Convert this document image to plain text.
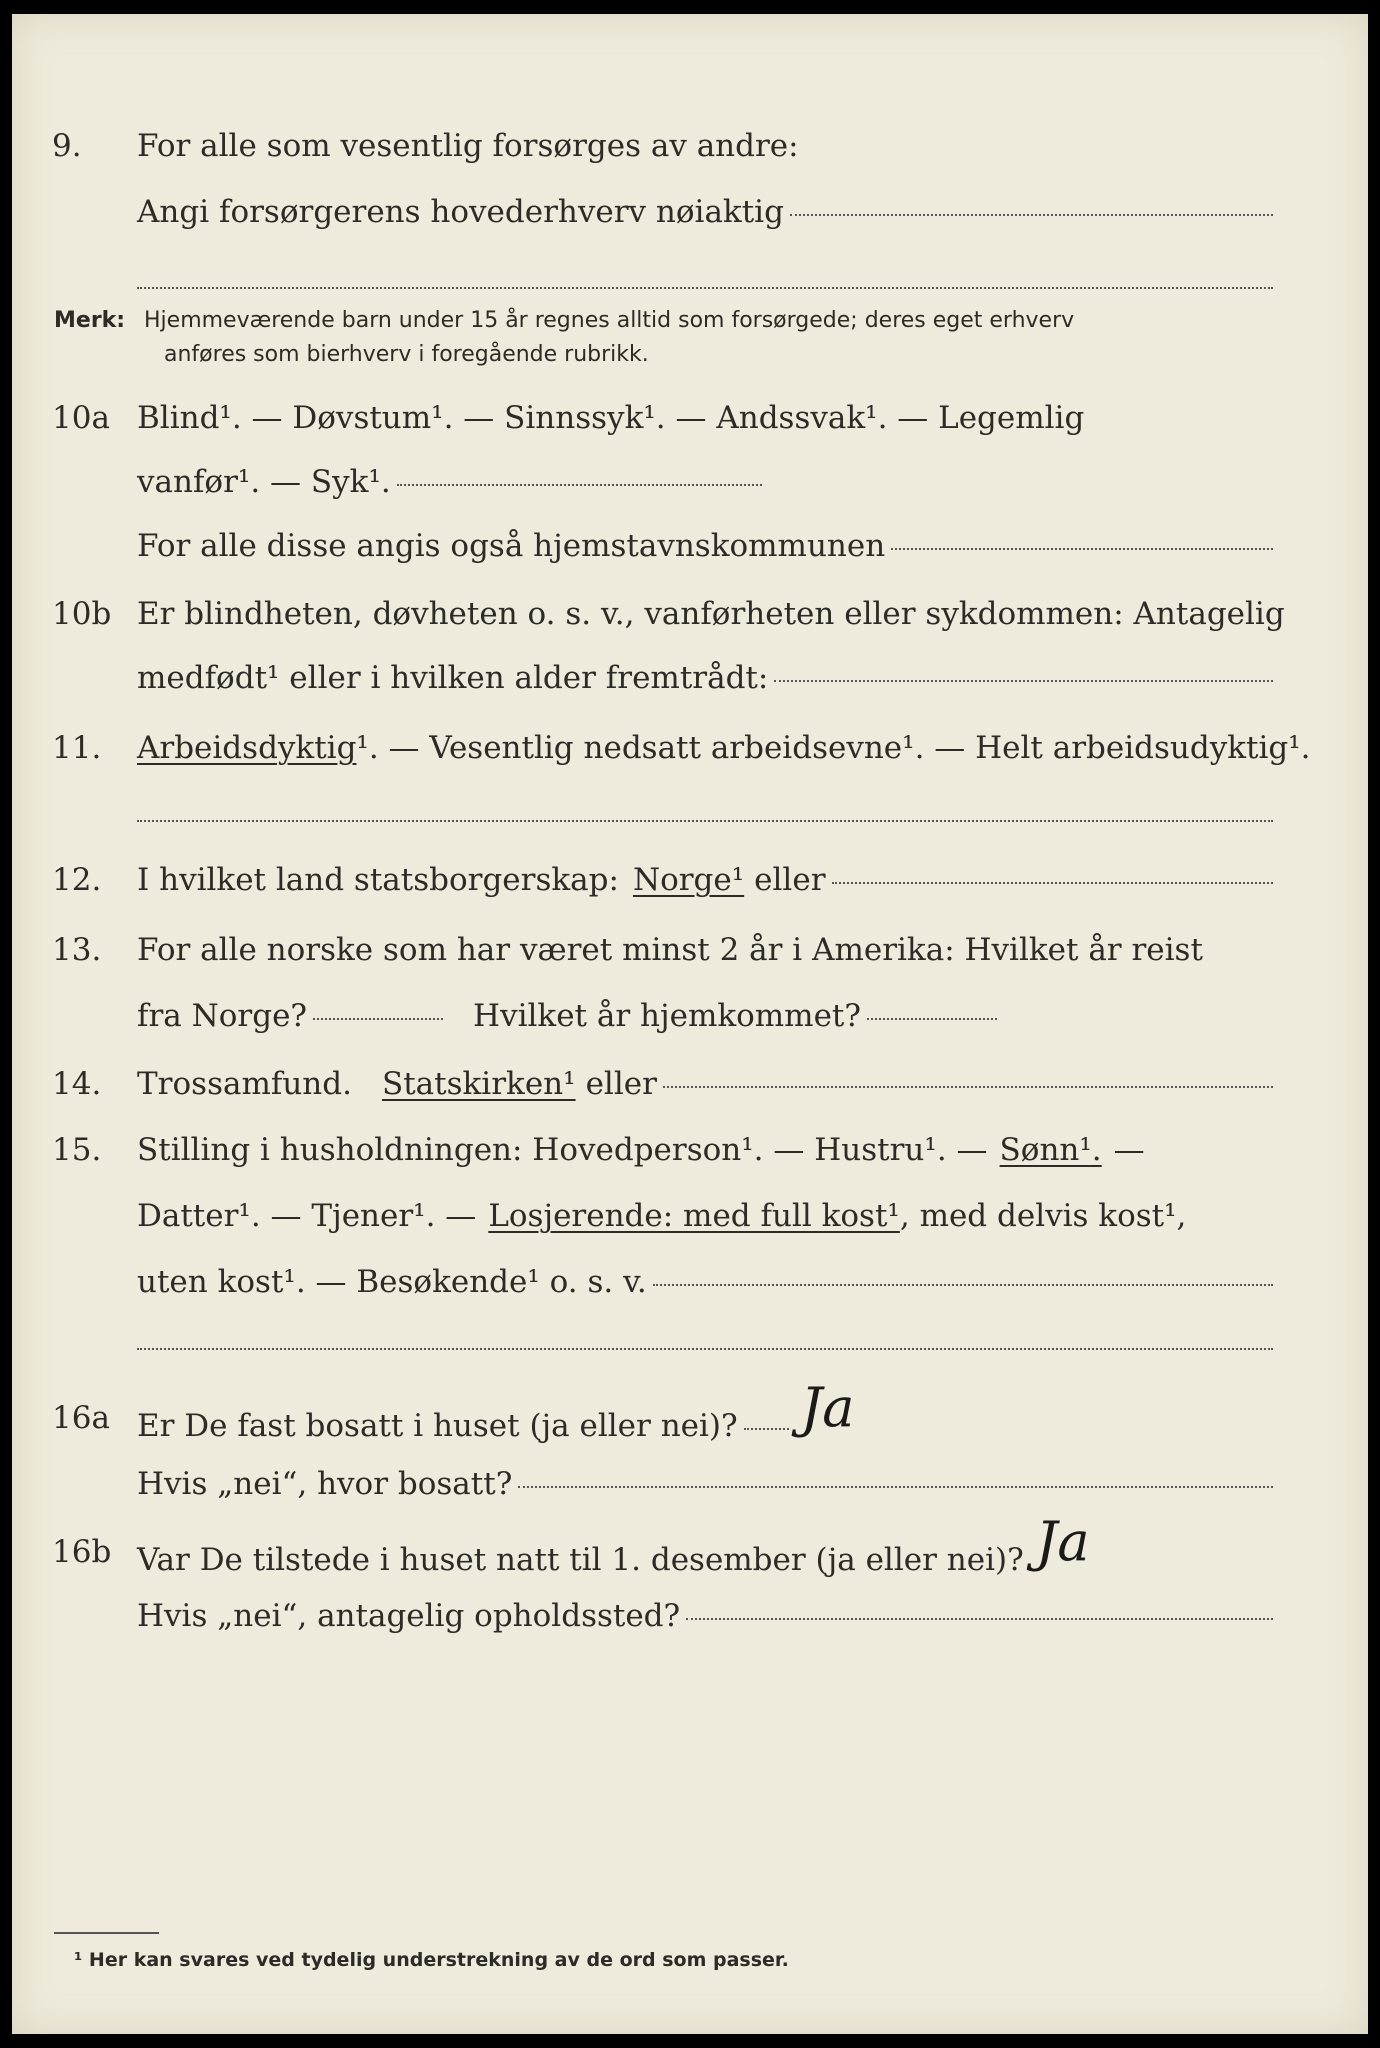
9. For alle som vesentlig forsørges av andre:
Angi forsørgerens hovederhverv nøiaktig
Merk: Hjemmeværende barn under 15 år regnes alltid som forsørgede; deres eget erhverv
anføres som bierhverv i foregående rubrikk.
10a Blind¹. — Døvstum¹. — Sinnssyk¹. — Andssvak¹. — Legemlig
vanfør¹. — Syk¹.
For alle disse angis også hjemstavnskommunen
10b Er blindheten, døvheten o. s. v., vanførheten eller sykdommen: Antagelig
medfødt¹ eller i hvilken alder fremtrådt:
11. Arbeidsdyktig ¹. — Vesentlig nedsatt arbeidsevne¹. — Helt arbeidsudyktig¹.
12. I hvilket land statsborgerskap: Norge¹ eller
13. For alle norske som har været minst 2 år i Amerika: Hvilket år reist
fra Norge?	Hvilket år hjemkommet?
14. Trossamfund. Statskirken¹ eller
15. Stilling i husholdningen: Hovedperson¹. — Hustru¹. — Sønn¹. —
Datter¹. — Tjener¹. — Losjerende: med full kost¹ , med delvis kost¹,
uten kost¹. — Besøkende¹ o. s. v.
16a Er De fast bosatt i huset (ja eller nei)? Ja
Hvis „nei“, hvor bosatt?
16b Var De tilstede i huset natt til 1. desember (ja eller nei)? Ja
Hvis „nei“, antagelig opholdssted?
¹ Her kan svares ved tydelig understrekning av de ord som passer.
